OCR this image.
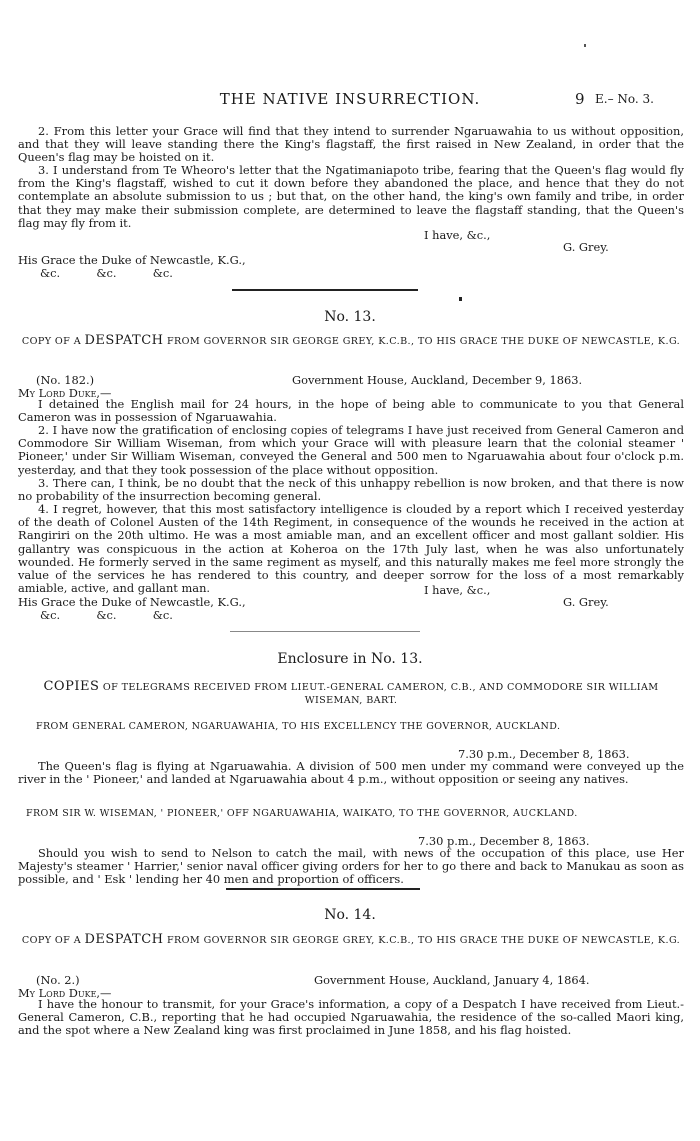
THE NATIVE INSURRECTION.	9 E.– No. 3.
2. From this letter your Grace will find that they intend to surrender Ngaruawahia to us without opposition, and that they will leave standing there the King's flagstaff, the first raised in New Zealand, in order that the Queen's flag may be hoisted on it.
3. I understand from Te Wheoro's letter that the Ngatimaniapoto tribe, fearing that the Queen's flag would fly from the King's flagstaff, wished to cut it down before they abandoned the place, and hence that they do not contemplate an absolute submission to us ; but that, on the other hand, the king's own family and tribe, in order that they may make their submission complete, are determined to leave the flagstaff standing, that the Queen's flag may fly from it.
I have, &c.,
G. Grey.
His Grace the Duke of Newcastle, K.G.,
&c.          &c.          &c.
No. 13.
COPY OF A DESPATCH FROM GOVERNOR SIR GEORGE GREY, K.C.B., TO HIS GRACE THE DUKE OF NEWCASTLE, K.G.
(No. 182.)	Government House, Auckland, December 9, 1863.
My Lord Duke,—
I detained the English mail for 24 hours, in the hope of being able to communicate to you that General Cameron was in possession of Ngaruawahia.
2. I have now the gratification of enclosing copies of telegrams I have just received from General Cameron and Commodore Sir William Wiseman, from which your Grace will with pleasure learn that the colonial steamer ' Pioneer,' under Sir William Wiseman, conveyed the General and 500 men to Ngaruawahia about four o'clock p.m. yesterday, and that they took possession of the place without opposition.
3. There can, I think, be no doubt that the neck of this unhappy rebellion is now broken, and that there is now no probability of the insurrection becoming general.
4. I regret, however, that this most satisfactory intelligence is clouded by a report which I received yesterday of the death of Colonel Austen of the 14th Regiment, in consequence of the wounds he received in the action at Rangiriri on the 20th ultimo. He was a most amiable man, and an excellent officer and most gallant soldier. His gallantry was conspicuous in the action at Koheroa on the 17th July last, when he was also unfortunately wounded. He formerly served in the same regiment as myself, and this naturally makes me feel more strongly the value of the services he has rendered to this country, and deeper sorrow for the loss of a most remarkably amiable, active, and gallant man.	I have, &c.,
G. Grey.
His Grace the Duke of Newcastle, K.G.,
&c.          &c.          &c.
Enclosure in No. 13.
COPIES OF TELEGRAMS RECEIVED FROM LIEUT.-GENERAL CAMERON, C.B., AND COMMODORE SIR WILLIAM WISEMAN, BART.
FROM GENERAL CAMERON, NGARUAWAHIA, TO HIS EXCELLENCY THE GOVERNOR, AUCKLAND.
7.30 p.m., December 8, 1863.
The Queen's flag is flying at Ngaruawahia. A division of 500 men under my command were conveyed up the river in the ' Pioneer,' and landed at Ngaruawahia about 4 p.m., without opposition or seeing any natives.
FROM SIR W. WISEMAN, ' PIONEER,' OFF NGARUAWAHIA, WAIKATO, TO THE GOVERNOR, AUCKLAND.
7.30 p.m., December 8, 1863.
Should you wish to send to Nelson to catch the mail, with news of the occupation of this place, use Her Majesty's steamer ' Harrier,' senior naval officer giving orders for her to go there and back to Manukau as soon as possible, and ' Esk ' lending her 40 men and proportion of officers.
No. 14.
COPY OF A DESPATCH FROM GOVERNOR SIR GEORGE GREY, K.C.B., TO HIS GRACE THE DUKE OF NEWCASTLE, K.G.
(No. 2.)	Government House, Auckland, January 4, 1864.
My Lord Duke,—
I have the honour to transmit, for your Grace's information, a copy of a Despatch I have received from Lieut.-General Cameron, C.B., reporting that he had occupied Ngaruawahia, the residence of the so-called Maori king, and the spot where a New Zealand king was first proclaimed in June 1858, and his flag hoisted.
